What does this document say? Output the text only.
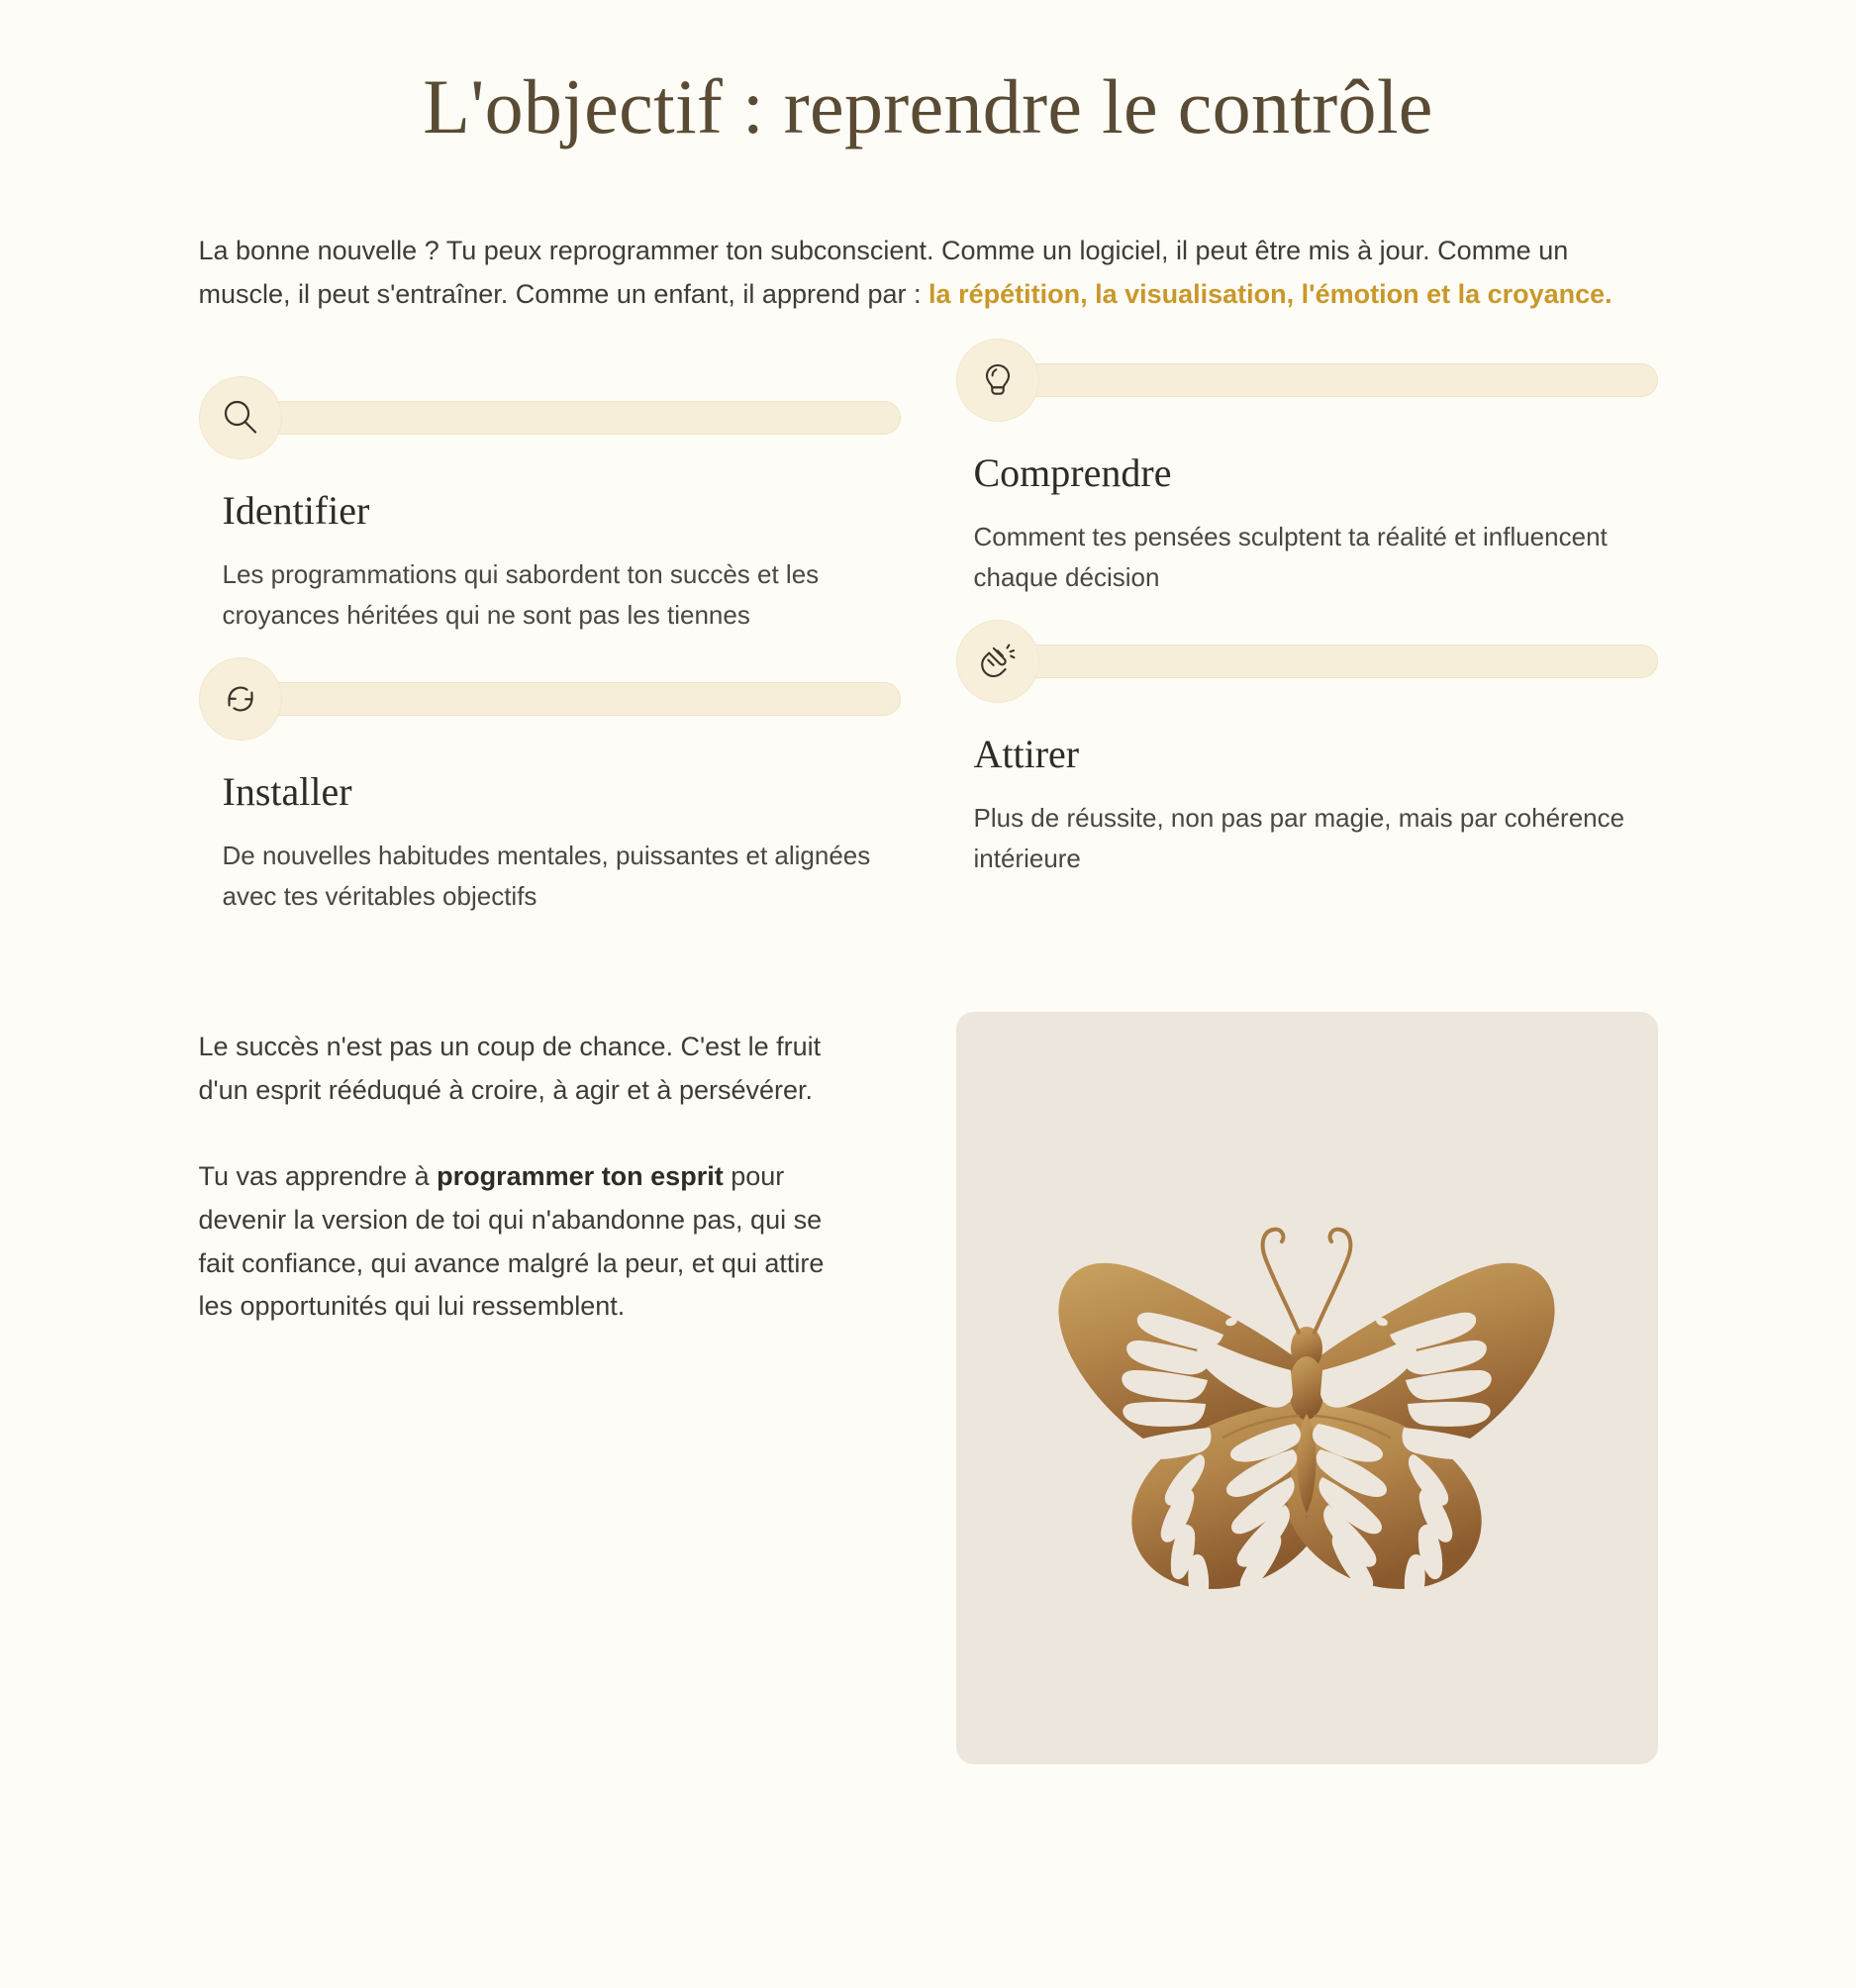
L'objectif : reprendre le contrôle

La bonne nouvelle ? Tu peux reprogrammer ton subconscient. Comme un logiciel, il peut être mis à jour. Comme un muscle, il peut s'entraîner. Comme un enfant, il apprend par : la répétition, la visualisation, l'émotion et la croyance.

Identifier

Les programmations qui sabordent ton succès et les croyances héritées qui ne sont pas les tiennes

Comprendre

Comment tes pensées sculptent ta réalité et influencent chaque décision

Installer

De nouvelles habitudes mentales, puissantes et alignées avec tes véritables objectifs

Attirer

Plus de réussite, non pas par magie, mais par cohérence intérieure

Le succès n'est pas un coup de chance. C'est le fruit d'un esprit rééduqué à croire, à agir et à persévérer.

Tu vas apprendre à programmer ton esprit pour devenir la version de toi qui n'abandonne pas, qui se fait confiance, qui avance malgré la peur, et qui attire les opportunités qui lui ressemblent.
